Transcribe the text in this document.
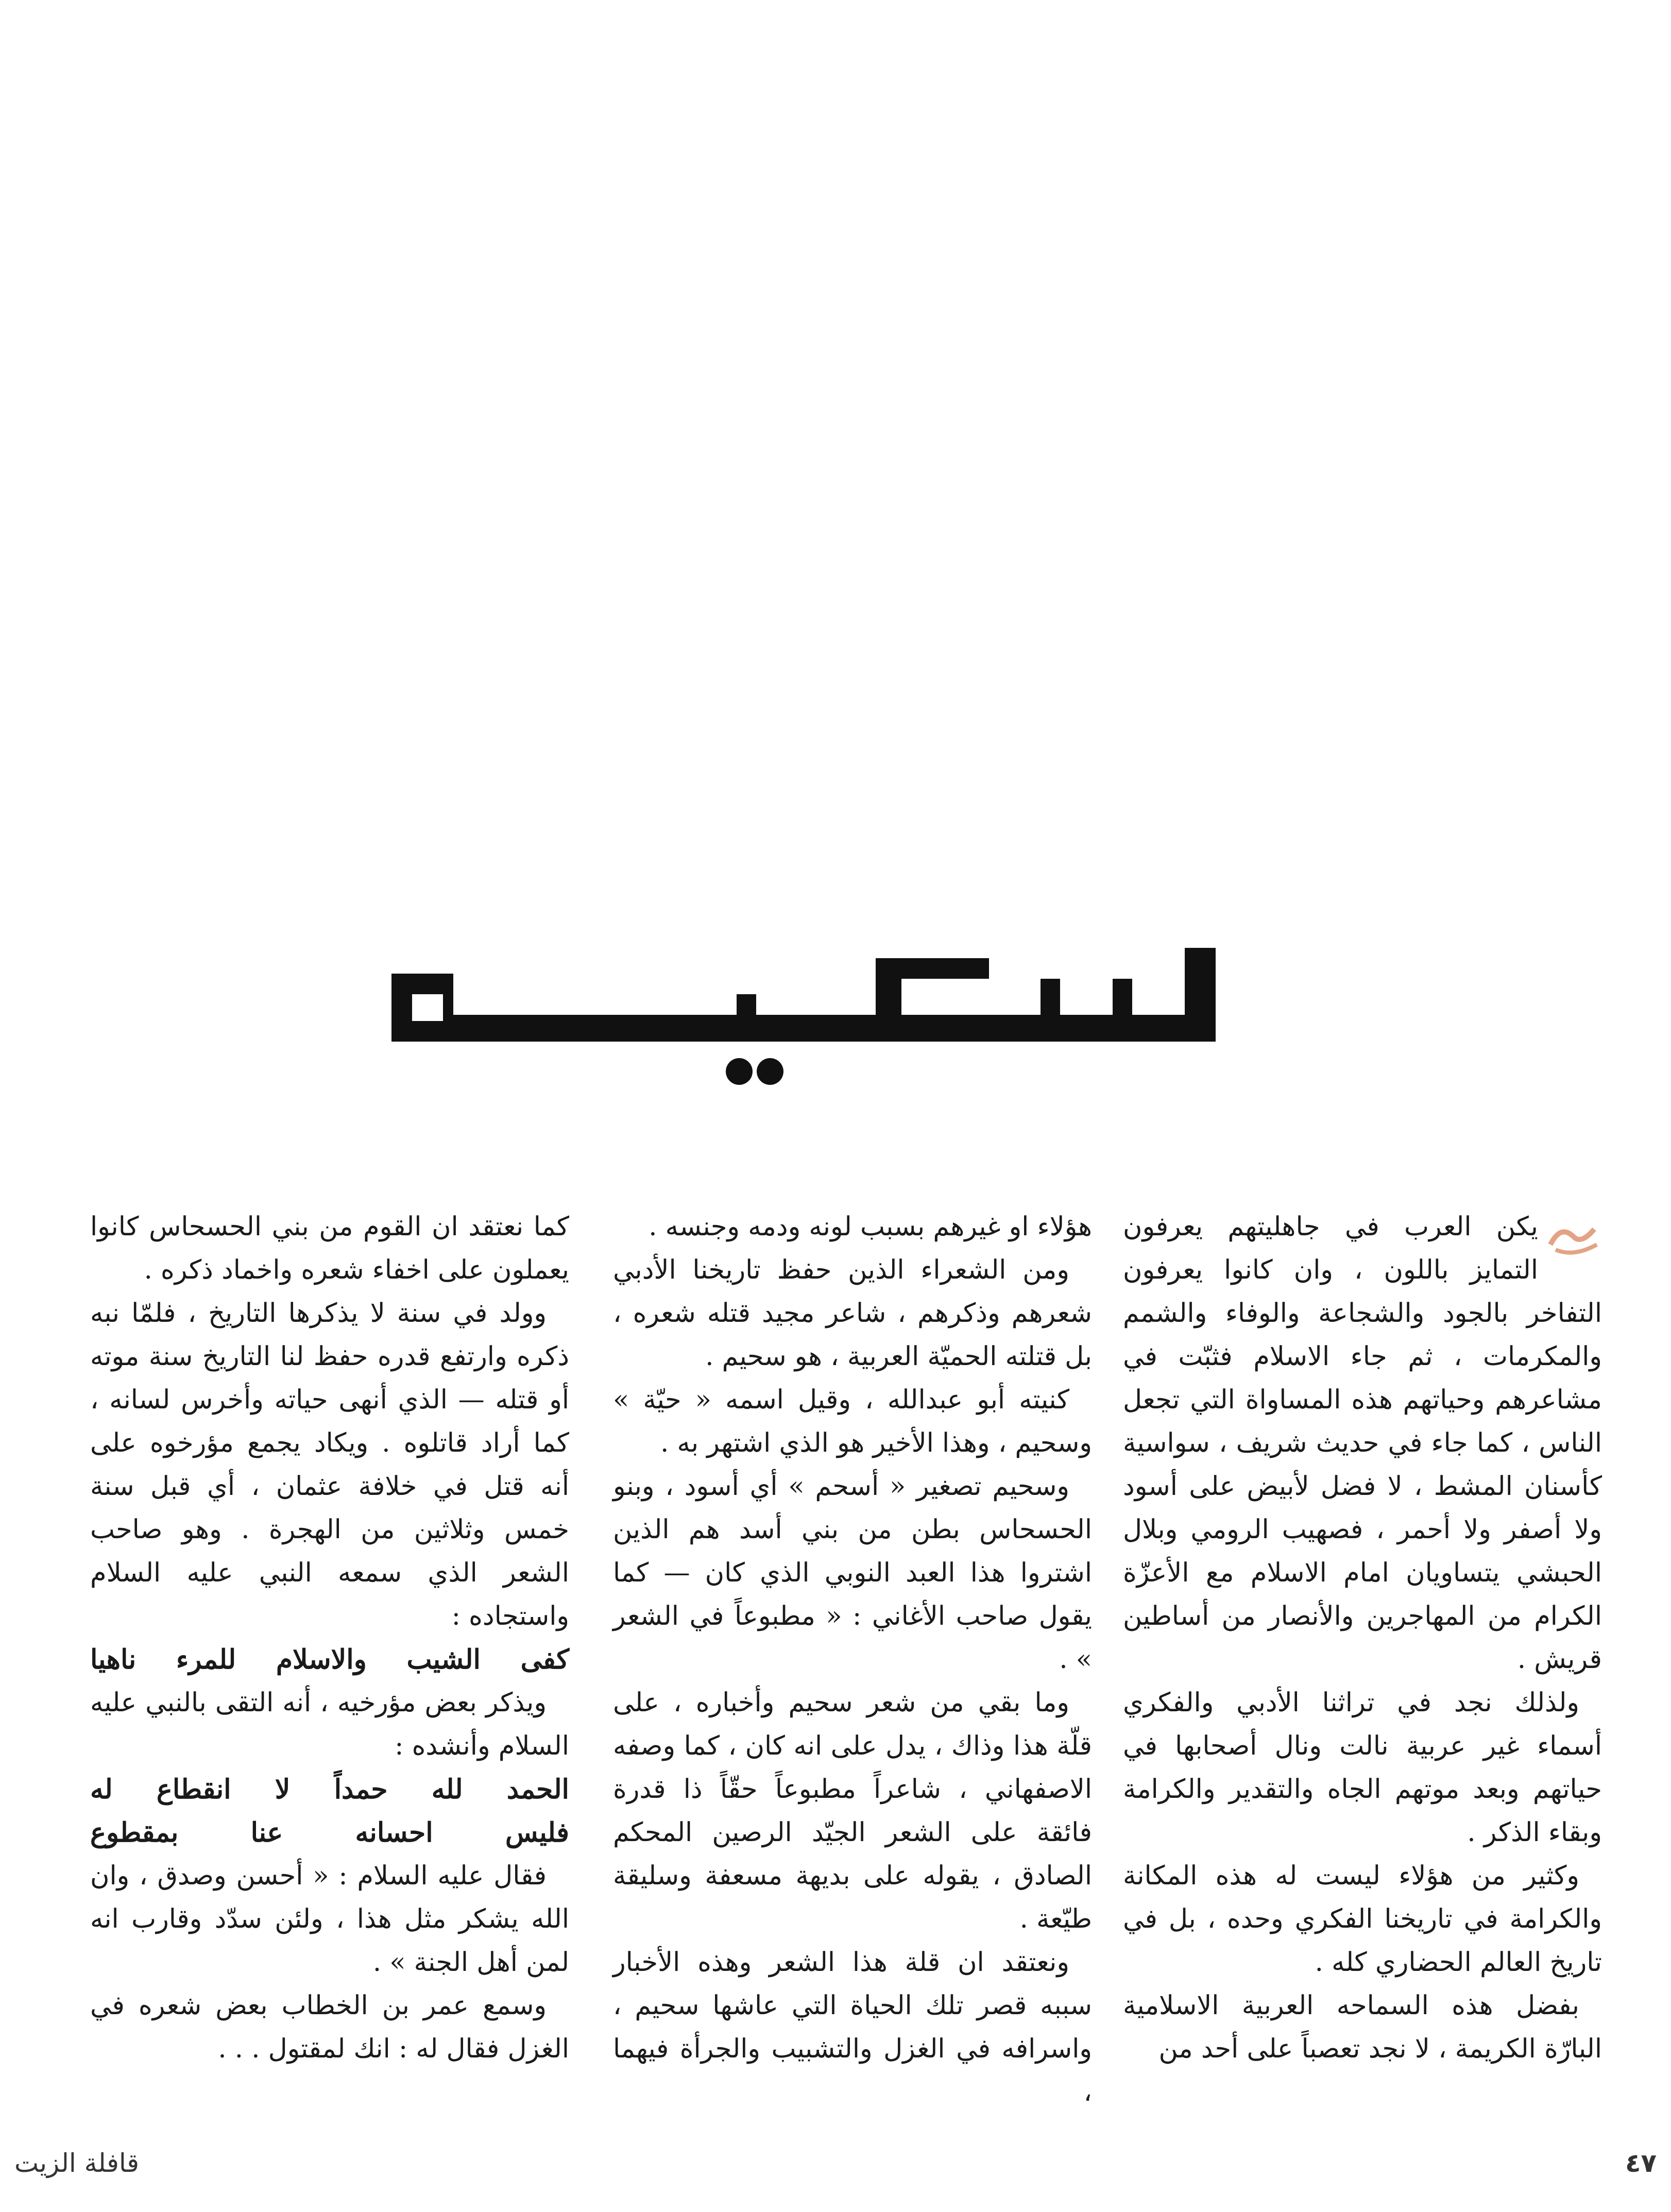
يكن العرب في جاهليتهم يعرفون التمايز باللون ، وان كانوا يعرفون التفاخر بالجود والشجاعة والوفاء والشمم والمكرمات ، ثم جاء الاسلام فثبّت في مشاعرهم وحياتهم هذه المساواة التي تجعل الناس ، كما جاء في حديث شريف ، سواسية كأسنان المشط ، لا فضل لأبيض على أسود ولا أصفر ولا أحمر ، فصهيب الرومي وبلال الحبشي يتساويان امام الاسلام مع الأعزّة الكرام من المهاجرين والأنصار من أساطين قريش .

ولذلك نجد في تراثنا الأدبي والفكري أسماء غير عربية نالت ونال أصحابها في حياتهم وبعد موتهم الجاه والتقدير والكرامة وبقاء الذكر .

وكثير من هؤلاء ليست له هذه المكانة والكرامة في تاريخنا الفكري وحده ، بل في تاريخ العالم الحضاري كله .

بفضل هذه السماحه العربية الاسلامية البارّة الكريمة ، لا نجد تعصباً على أحد من

هؤلاء او غيرهم بسبب لونه ودمه وجنسه .

ومن الشعراء الذين حفظ تاريخنا الأدبي شعرهم وذكرهم ، شاعر مجيد قتله شعره ، بل قتلته الحميّة العربية ، هو سحيم .

كنيته أبو عبدالله ، وقيل اسمه « حيّة » وسحيم ، وهذا الأخير هو الذي اشتهر به .

وسحيم تصغير « أسحم » أي أسود ، وبنو الحسحاس بطن من بني أسد هم الذين اشتروا هذا العبد النوبي الذي كان — كما يقول صاحب الأغاني : « مطبوعاً في الشعر » .

وما بقي من شعر سحيم وأخباره ، على قلّة هذا وذاك ، يدل على انه كان ، كما وصفه الاصفهاني ، شاعراً مطبوعاً حقّاً ذا قدرة فائقة على الشعر الجيّد الرصين المحكم الصادق ، يقوله على بديهة مسعفة وسليقة طيّعة .

ونعتقد ان قلة هذا الشعر وهذه الأخبار سببه قصر تلك الحياة التي عاشها سحيم ، واسرافه في الغزل والتشبيب والجرأة فيهما ،

كما نعتقد ان القوم من بني الحسحاس كانوا يعملون على اخفاء شعره واخماد ذكره .

وولد في سنة لا يذكرها التاريخ ، فلمّا نبه ذكره وارتفع قدره حفظ لنا التاريخ سنة موته أو قتله — الذي أنهى حياته وأخرس لسانه ، كما أراد قاتلوه . ويكاد يجمع مؤرخوه على أنه قتل في خلافة عثمان ، أي قبل سنة خمس وثلاثين من الهجرة . وهو صاحب الشعر الذي سمعه النبي عليه السلام واستجاده :

كفى الشيب والاسلام للمرء ناهيا

ويذكر بعض مؤرخيه ، أنه التقى بالنبي عليه السلام وأنشده :

الحمد لله حمداً لا انقطاع له

فليس احسانه عنا بمقطوع

فقال عليه السلام : « أحسن وصدق ، وان الله يشكر مثل هذا ، ولئن سدّد وقارب انه لمن أهل الجنة » .

وسمع عمر بن الخطاب بعض شعره في الغزل فقال له : انك لمقتول . . .

٤٧
قافلة الزيت
